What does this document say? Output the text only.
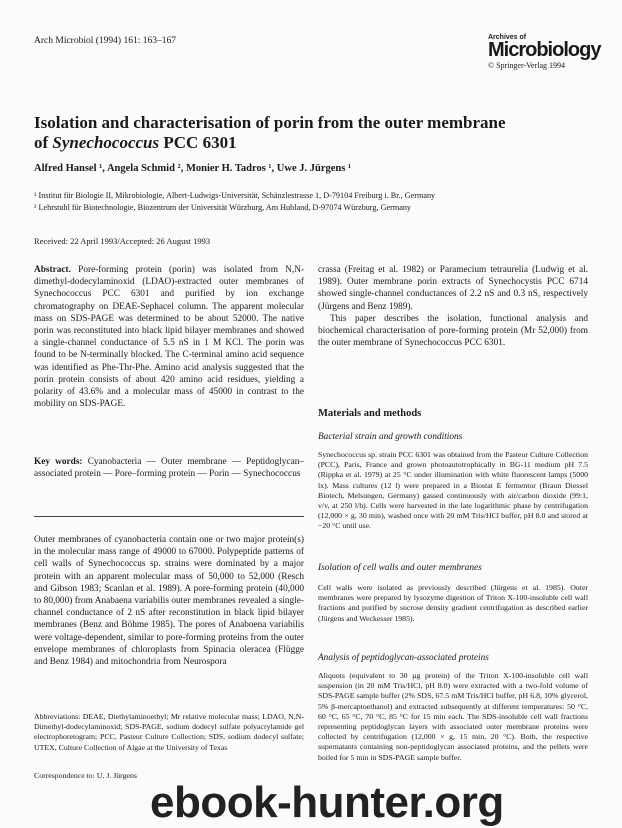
Arch Microbiol (1994) 161: 163–167	Archives of
Microbiology
© Springer-Verlag 1994
Isolation and characterisation of porin from the outer membrane
of Synechococcus PCC 6301
Alfred Hansel ¹, Angela Schmid ², Monier H. Tadros ¹, Uwe J. Jürgens ¹
¹ Institut für Biologie II, Mikrobiologie, Albert-Ludwigs-Universität, Schänzlestrasse 1, D-79104 Freiburg i. Br., Germany
² Lehrstuhl für Biotechnologie, Biozentrum der Universität Würzburg, Am Hubland, D-97074 Würzburg, Germany
Received: 22 April 1993/Accepted: 26 August 1993
Abstract. Pore-forming protein (porin) was isolated from N,N-dimethyl-dodecylaminoxid (LDAO)-extracted outer membranes of Synechococcus PCC 6301 and purified by ion exchange chromatography on DEAE-Sephacel column. The apparent molecular mass on SDS-PAGE was determined to be about 52000. The native porin was reconstituted into black lipid bilayer membranes and showed a single-channel conductance of 5.5 nS in 1 M KCl. The porin was found to be N-terminally blocked. The C-terminal amino acid sequence was identified as Phe-Thr-Phe. Amino acid analysis suggested that the porin protein consists of about 420 amino acid residues, yielding a polarity of 43.6% and a molecular mass of 45000 in contrast to the mobility on SDS-PAGE.
Key words: Cyanobacteria — Outer membrane — Peptidoglycan–associated protein — Pore–forming protein — Porin — Synechococcus
Outer membranes of cyanobacteria contain one or two major protein(s) in the molecular mass range of 49000 to 67000. Polypeptide patterns of cell walls of Synechococcus sp. strains were dominated by a major protein with an apparent molecular mass of 50,000 to 52,000 (Resch and Gibson 1983; Scanlan et al. 1989). A pore-forming protein (40,000 to 80,000) from Anabaena variabilis outer membranes revealed a single-channel conductance of 2 nS after reconstitution in black lipid bilayer membranes (Benz and Böhme 1985). The pores of Anaboena variabilis were voltage-dependent, similar to pore-forming proteins from the outer envelope membranes of chloroplasts from Spinacia oleracea (Flügge and Benz 1984) and mitochondria from Neurospora
Abbreviations: DEAE, Diethylaminoethyl; Mr relative molecular mass; LDAO, N,N-Dimethyl-dodecylaminoxid; SDS-PAGE, sodium dodecyl sulfate polyacrylamide gel electrophoretogram; PCC, Pasteur Culture Collection; SDS, sodium dodecyl sulfate; UTEX, Culture Collection of Algae at the University of Texas
Correspondence to: U. J. Jürgens
crassa (Freitag et al. 1982) or Paramecium tetraurelia (Ludwig et al. 1989). Outer membrane porin extracts of Synechocystis PCC 6714 showed single-channel conductances of 2.2 nS and 0.3 nS, respectively (Jürgens and Benz 1989).
This paper describes the isolation, functional analysis and biochemical characterisation of pore-forming protein (Mr 52,000) from the outer membrane of Synechococcus PCC 6301.
Materials and methods
Bacterial strain and growth conditions
Synechococcus sp. strain PCC 6301 was obtained from the Pasteur Culture Collection (PCC), Paris, France and grown photoautotrophically in BG-11 medium pH 7.5 (Rippka et al. 1979) at 25 °C under illumination with white fluorescent lamps (5000 lx). Mass cultures (12 l) were prepared in a Biostat E fermentor (Braun Diessel Biotech, Melsungen, Germany) gassed continuously with air/carbon dioxide (99:1, v/v, at 250 l/h). Cells were harvested in the late logarithmic phase by centrifugation (12,000 × g, 30 min), washed once with 20 mM Tris/HCl buffer, pH 8.0 and stored at −20 °C until use.
Isolation of cell walls and outer membranes
Cell walls were isolated as previously described (Jürgens et al. 1985). Outer membranes were prepared by lysozyme digestion of Triton X-100-insoluble cell wall fractions and purified by sucrose density gradient centrifugation as described earlier (Jürgens and Weckesser 1985).
Analysis of peptidoglycan-associated proteins
Aliquots (equivalent to 30 µg protein) of the Triton X-100-insoluble cell wall suspension (in 20 mM Tris/HCl, pH 8.0) were extracted with a two-fold volume of SDS-PAGE sample buffer (2% SDS, 67.5 mM Tris/HCl buffer, pH 6.8, 10% glycerol, 5% β-mercaptoethanol) and extracted subsequently at different temperatures: 50 °C, 60 °C, 65 °C, 70 °C, 85 °C for 15 min each. The SDS-insoluble cell wall fractions representing peptidoglycan layers with associated outer membrane proteins were collected by centrifugation (12,000 × g, 15 min, 20 °C). Both, the respective supernatants containing non-peptidoglycan associated proteins, and the pellets were boiled for 5 min in SDS-PAGE sample buffer.
ebook-hunter.org
